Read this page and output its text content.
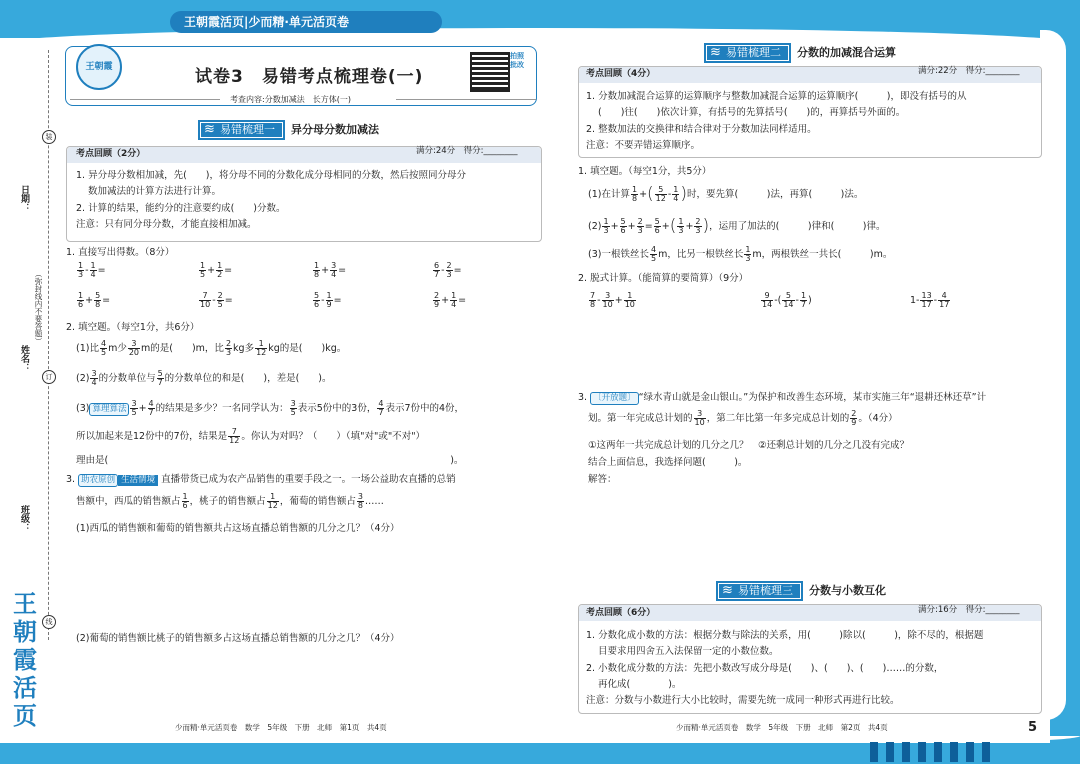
王朝霞活页|少而精·单元活页卷
日期：
（弥封线内不要答题）
姓名：
班级：
装
订
线
王朝霞活页
王朝霞
拍照批改
试卷3　易错考点梳理卷(一)
考查内容:分数加减法　长方体(一)
≋ 易错梳理一 异分母分数加减法
考点回顾（2分）	满分:24分　得分:________
1. 异分母分数相加减，先(　　)，将分母不同的分数化成分母相同的分数，然后按照同分母分
数加减法的计算方法进行计算。
2. 计算的结果，能约分的注意要约成(　　)分数。
注意：只有同分母分数，才能直接相加减。
1. 直接写出得数。（8分）
$\frac{1}{3} - \frac{1}{4}$ =	$\frac{1}{5} + \frac{1}{2}$ =	$\frac{1}{8} + \frac{3}{4}$ =	$\frac{6}{7} - \frac{2}{3}$ =
$\frac{1}{6} + \frac{5}{8}$ =	$\frac{7}{10} - \frac{2}{5}$ =	$\frac{5}{6} - \frac{1}{9}$ =	$\frac{2}{9} + \frac{1}{4}$ =
2. 填空题。（每空1分，共6分）
(1)比 $\frac{4}{5}$ m少 $\frac{3}{20}$ m的是(　　)m，比 $\frac{2}{3}$ kg多 $\frac{1}{12}$ kg的是(　　)kg。
$(2) \frac{3}{4}$ 的分数单位与 $\frac{5}{7}$ 的分数单位的和是(　　)，差是(　　)。
(3) 算理算法 $\frac{3}{5} + \frac{4}{7}$ 的结果是多少？一名同学认为： $\frac{3}{5}$ 表示5份中的3份， $\frac{4}{7}$ 表示7份中的4份，
所以加起来是12份中的7份，结果是 $\frac{7}{12}$ 。你认为对吗？（　　）（填"对"或"不对"）
理由是(　　　　　　　　　　　　　　　　　　　　　　　　　　　　　　　　　　　　)。
3. 助农原创 生活情境 直播带货已成为农产品销售的重要手段之一。一场公益助农直播的总销
售额中，西瓜的销售额占 $\frac{1}{6}$ ，桃子的销售额占 $\frac{1}{12}$ ，葡萄的销售额占 $\frac{3}{8}$ ……
(1)西瓜的销售额和葡萄的销售额共占这场直播总销售额的几分之几？（4分）
(2)葡萄的销售额比桃子的销售额多占这场直播总销售额的几分之几？（4分）
少而精·单元活页卷　数学　5年级　下册　北师　第1页　共4页
≋ 易错梳理二 分数的加减混合运算
考点回顾（4分）	满分:22分　得分:________
1. 分数加减混合运算的运算顺序与整数加减混合运算的运算顺序(　　　)，即没有括号的从
(　　)往(　　)依次计算，有括号的先算括号(　　)的，再算括号外面的。
2. 整数加法的交换律和结合律对于分数加法同样适用。
注意：不要弄错运算顺序。
1. 填空题。（每空1分，共5分）
(1)在计算 $\frac{1}{8}$ +( $\frac{5}{12} - \frac{1}{4}$ )时，要先算(　　　)法，再算(　　　)法。
$(2) \frac{1}{3} + \frac{5}{6} + \frac{2}{3} = \frac{5}{6}$ +( $\frac{1}{3} + \frac{2}{3}$ )，运用了加法的(　　　)律和(　　　)律。
(3)一根铁丝长 $\frac{4}{5}$ m，比另一根铁丝长 $\frac{1}{3}$ m，两根铁丝一共长(　　　)m。
2. 脱式计算。（能简算的要简算）（9分）
$\frac{7}{8} - \frac{3}{10} + \frac{1}{10}$	$\frac{9}{14}$ -( $\frac{5}{14} - \frac{1}{7}$ )	$1- \frac{13}{17} - \frac{4}{17}$
3. 〔开放题〕 “绿水青山就是金山银山。”为保护和改善生态环境，某市实施三年“退耕还林还草”计
划。第一年完成总计划的 $\frac{3}{10}$ ，第二年比第一年多完成总计划的 $\frac{2}{9}$ 。（4分）
①这两年一共完成总计划的几分之几？　②还剩总计划的几分之几没有完成？
结合上面信息，我选择问题(　　　)。
解答：
≋ 易错梳理三 分数与小数互化
考点回顾（6分）	满分:16分　得分:________
1. 分数化成小数的方法：根据分数与除法的关系，用(　　　)除以(　　　)，除不尽的，根据题
目要求用四舍五入法保留一定的小数位数。
2. 小数化成分数的方法：先把小数改写成分母是(　　)、(　　)、(　　)……的分数，
再化成(　　　　)。
注意：分数与小数进行大小比较时，需要先统一成同一种形式再进行比较。
少而精·单元活页卷　数学　5年级　下册　北师　第2页　共4页	5
